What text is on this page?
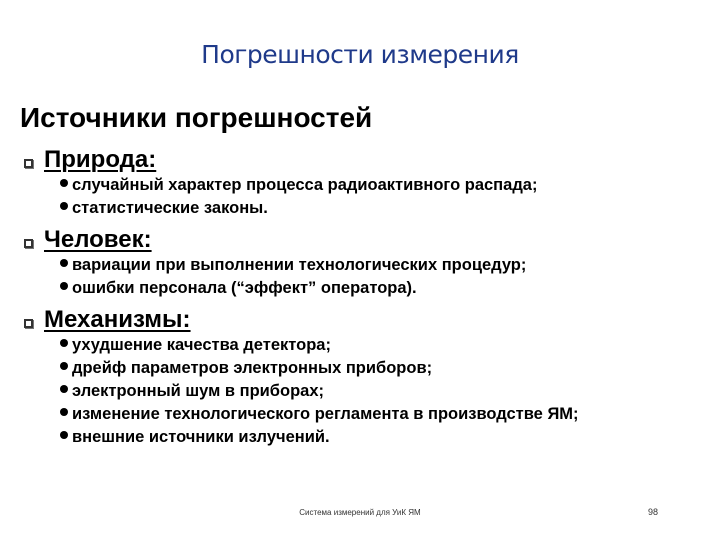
Погрешности измерения
Источники погрешностей
Природа:
случайный характер процесса радиоактивного распада;
статистические законы.
Человек:
вариации при выполнении технологических процедур;
ошибки персонала (“эффект” оператора).
Механизмы:
ухудшение качества детектора;
дрейф параметров электронных приборов;
электронный шум в приборах;
изменение технологического регламента в производстве ЯМ;
внешние источники излучений.
Система измерений для УиК ЯМ	98
